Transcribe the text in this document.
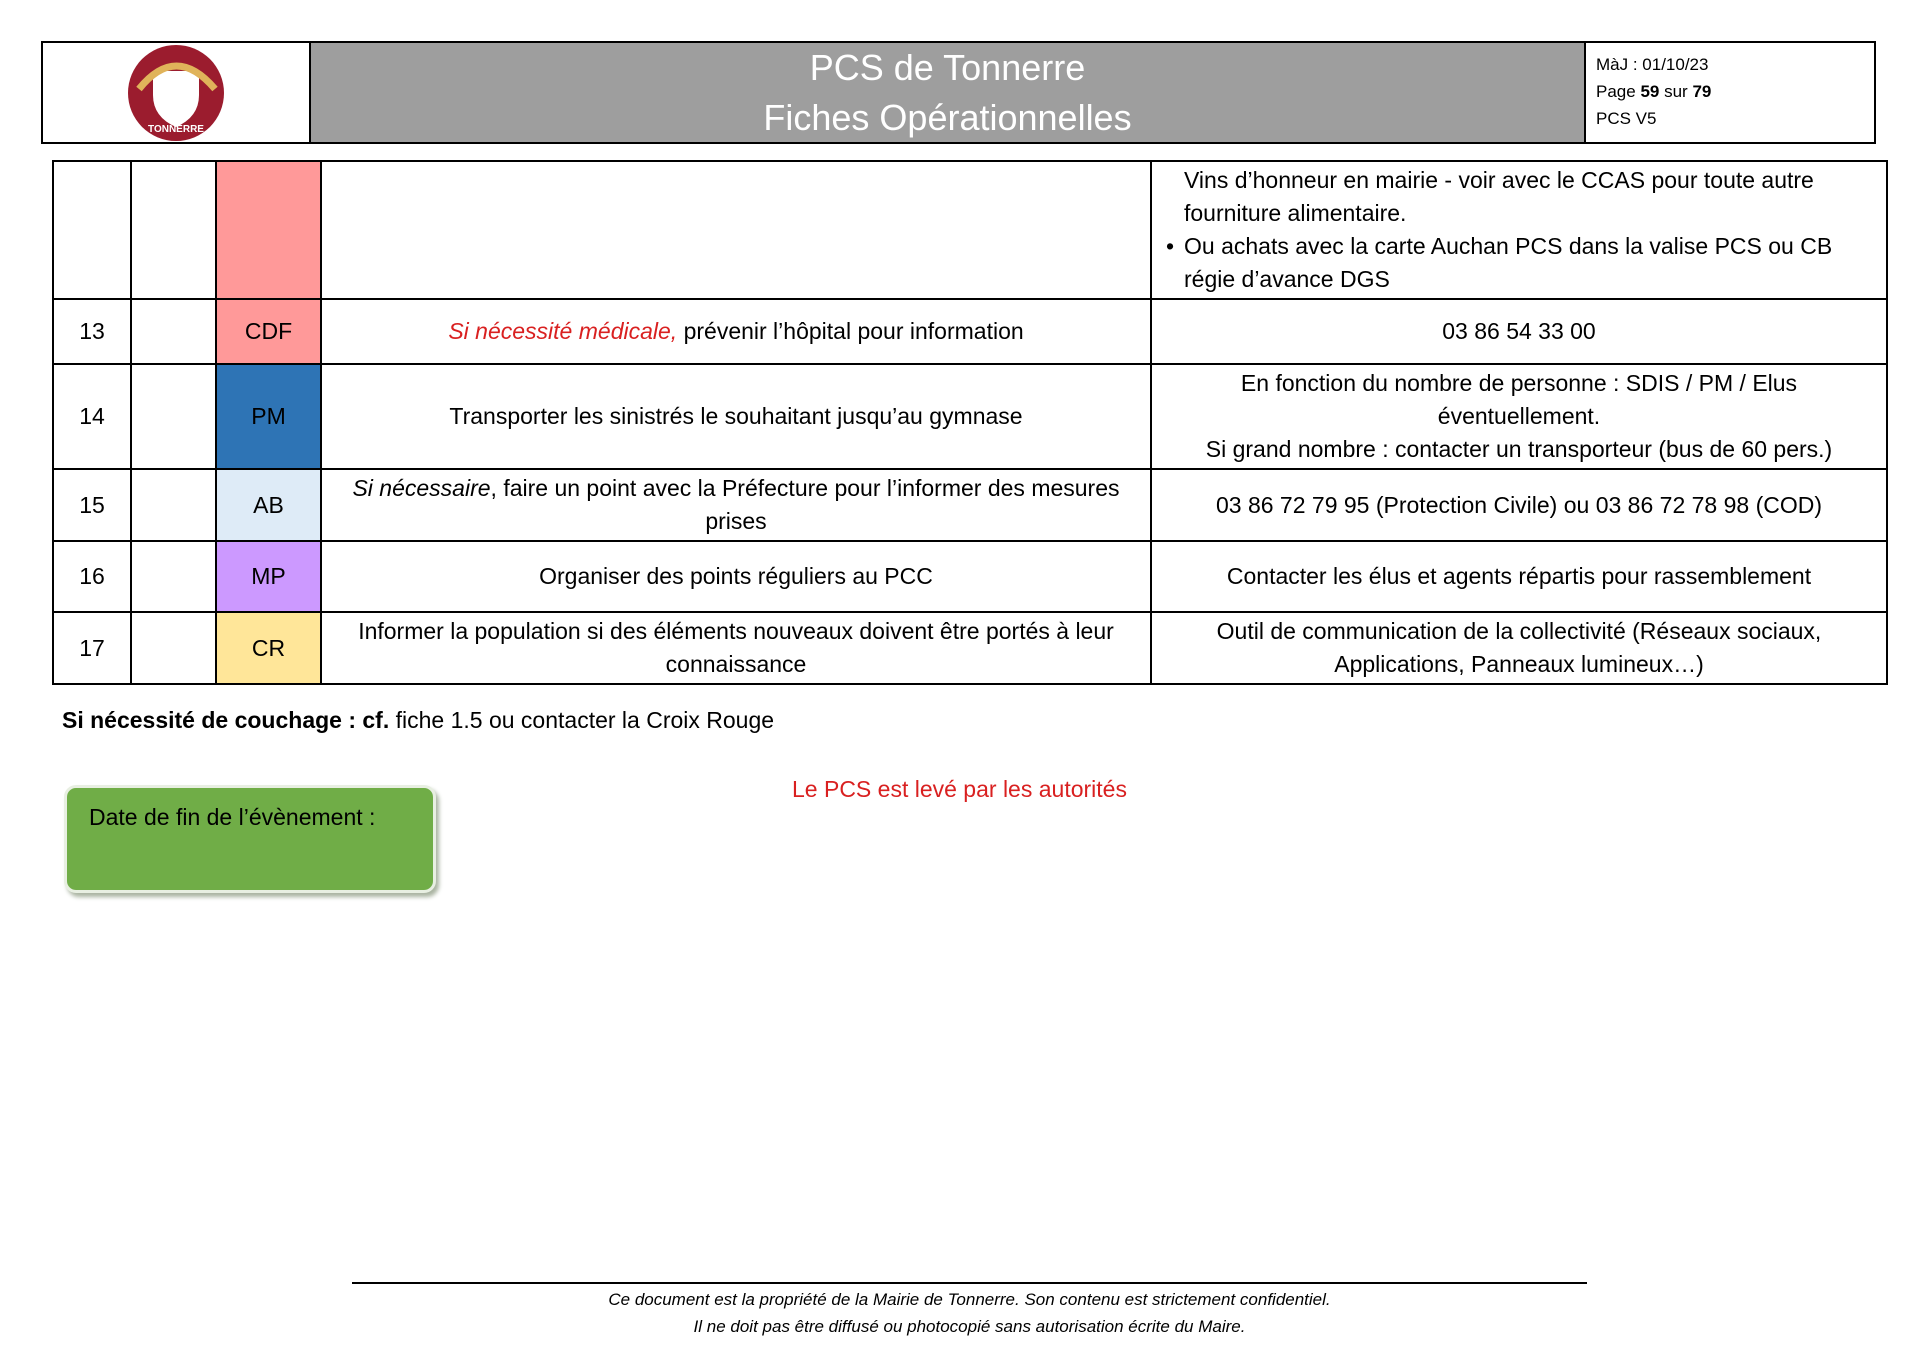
TONNERRE
PCS de Tonnerre
Fiches Opérationnelles
MàJ : 01/10/23
Page 59 sur 79
PCS V5

				Vins d’honneur en mairie - voir avec le CCAS pour toute autre fourniture alimentaire.
• Ou achats avec la carte Auchan PCS dans la valise PCS ou CB régie d’avance DGS

13		CDF	Si nécessité médicale, prévenir l’hôpital pour information	03 86 54 33 00
14		PM	Transporter les sinistrés le souhaitant jusqu’au gymnase	En fonction du nombre de personne : SDIS / PM / Elus éventuellement.
Si grand nombre : contacter un transporteur (bus de 60 pers.)

15		AB	Si nécessaire, faire un point avec la Préfecture pour l’informer des mesures prises	03 86 72 79 95 (Protection Civile) ou 03 86 72 78 98 (COD)
16		MP	Organiser des points réguliers au PCC	Contacter les élus et agents répartis pour rassemblement
17		CR	Informer la population si des éléments nouveaux doivent être portés à leur connaissance	Outil de communication de la collectivité (Réseaux sociaux, Applications, Panneaux lumineux…)
Si nécessité de couchage : cf. fiche 1.5 ou contacter la Croix Rouge
Date de fin de l’évènement :
Le PCS est levé par les autorités
Ce document est la propriété de la Mairie de Tonnerre. Son contenu est strictement confidentiel.
Il ne doit pas être diffusé ou photocopié sans autorisation écrite du Maire.
